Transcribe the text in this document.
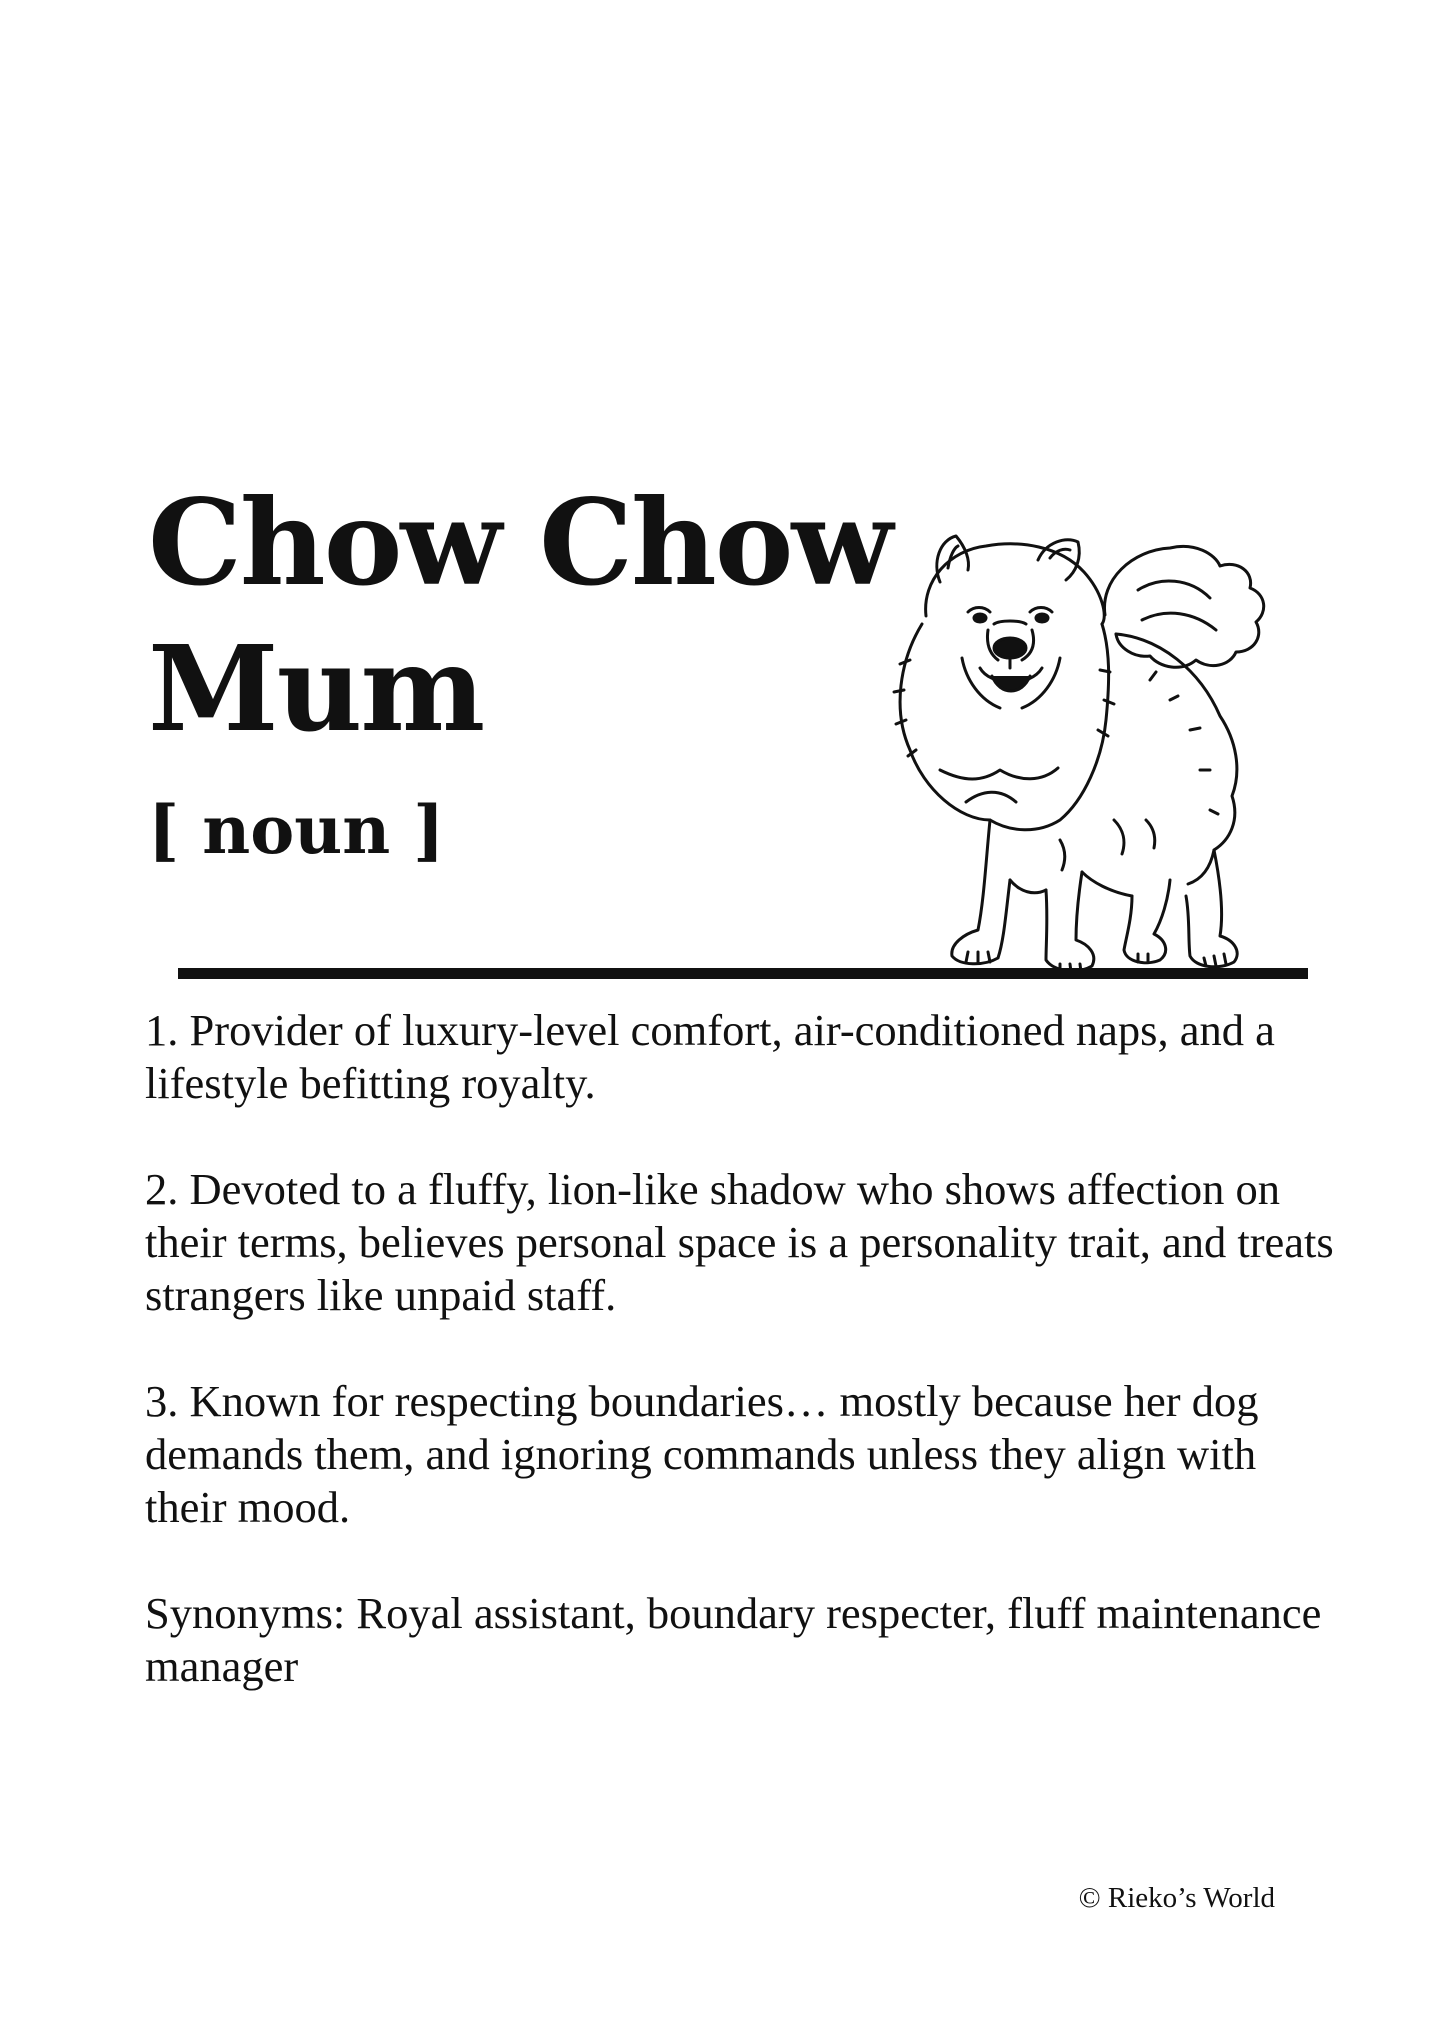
Chow Chow
Mum
[ noun ]

1. Provider of luxury-level comfort, air-conditioned naps, and a lifestyle befitting royalty.

2. Devoted to a fluffy, lion-like shadow who shows affection on their terms, believes personal space is a personality trait, and treats strangers like unpaid staff.

3. Known for respecting boundaries… mostly because her dog demands them, and ignoring commands unless they align with their mood.

Synonyms: Royal assistant, boundary respecter, fluff maintenance manager

© Rieko’s World
